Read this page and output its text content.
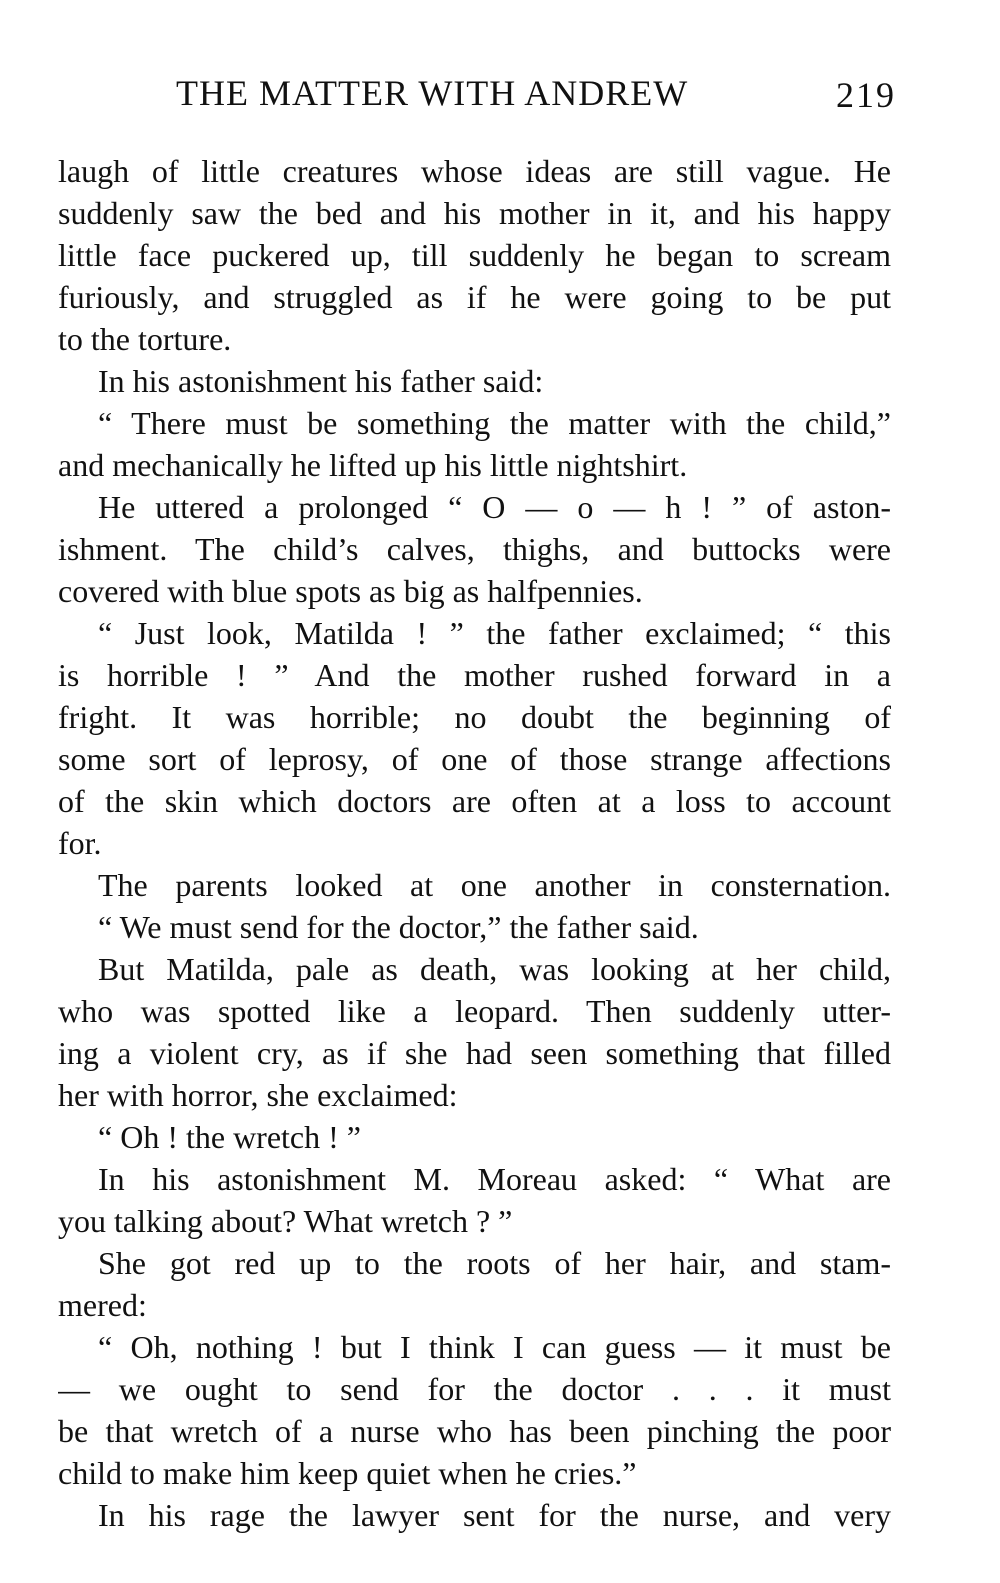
THE MATTER WITH ANDREW	219
laugh of little creatures whose ideas are still vague. He
suddenly saw the bed and his mother in it, and his happy
little face puckered up, till suddenly he began to scream
furiously, and struggled as if he were going to be put
to the torture.
In his astonishment his father said:
“ There must be something the matter with the child,”
and mechanically he lifted up his little nightshirt.
He uttered a prolonged “ O — o — h ! ” of aston-
ishment. The child’s calves, thighs, and buttocks were
covered with blue spots as big as halfpennies.
“ Just look, Matilda ! ” the father exclaimed; “ this
is horrible ! ” And the mother rushed forward in a
fright. It was horrible; no doubt the beginning of
some sort of leprosy, of one of those strange affections
of the skin which doctors are often at a loss to account
for.
The parents looked at one another in consternation.
“ We must send for the doctor,” the father said.
But Matilda, pale as death, was looking at her child,
who was spotted like a leopard. Then suddenly utter-
ing a violent cry, as if she had seen something that filled
her with horror, she exclaimed:
“ Oh ! the wretch ! ”
In his astonishment M. Moreau asked: “ What are
you talking about? What wretch ? ”
She got red up to the roots of her hair, and stam-
mered:
“ Oh, nothing ! but I think I can guess — it must be
— we ought to send for the doctor . . . it must
be that wretch of a nurse who has been pinching the poor
child to make him keep quiet when he cries.”
In his rage the lawyer sent for the nurse, and very
